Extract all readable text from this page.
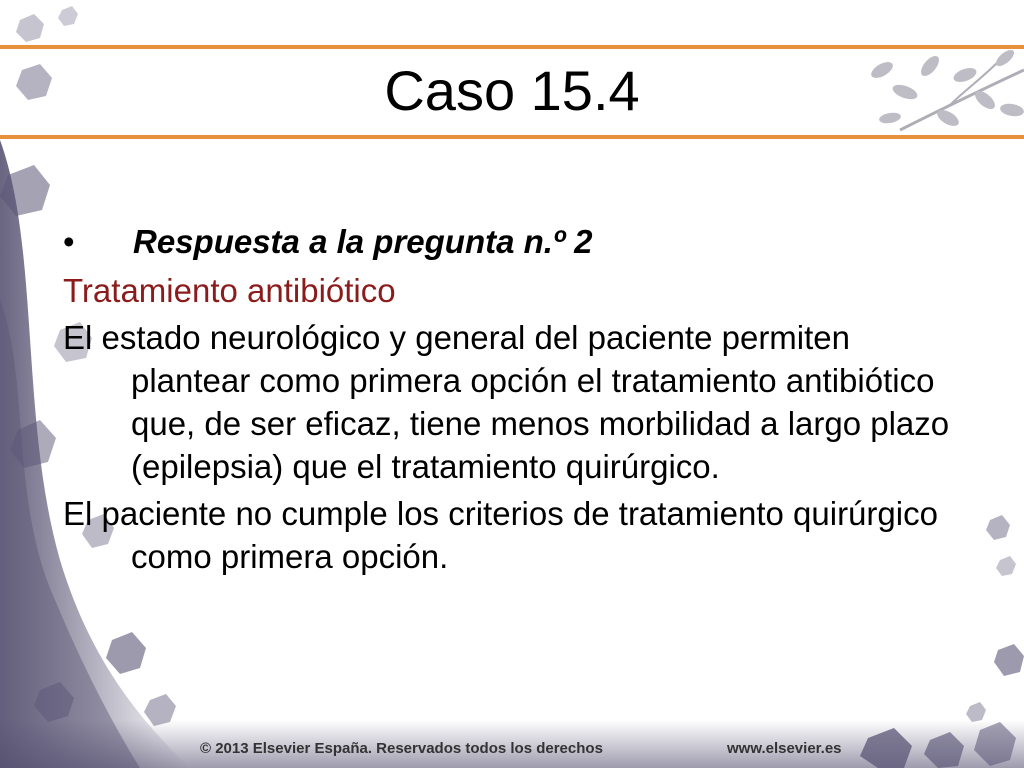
Caso 15.4
•	Respuesta a la pregunta n.º 2
Tratamiento antibiótico
El estado neurológico y general del paciente permiten plantear como primera opción el tratamiento antibiótico que, de ser eficaz, tiene menos morbilidad a largo plazo (epilepsia) que el tratamiento quirúrgico.
El paciente no cumple los criterios de tratamiento quirúrgico como primera opción.
© 2013 Elsevier España. Reservados todos los derechos	www.elsevier.es
